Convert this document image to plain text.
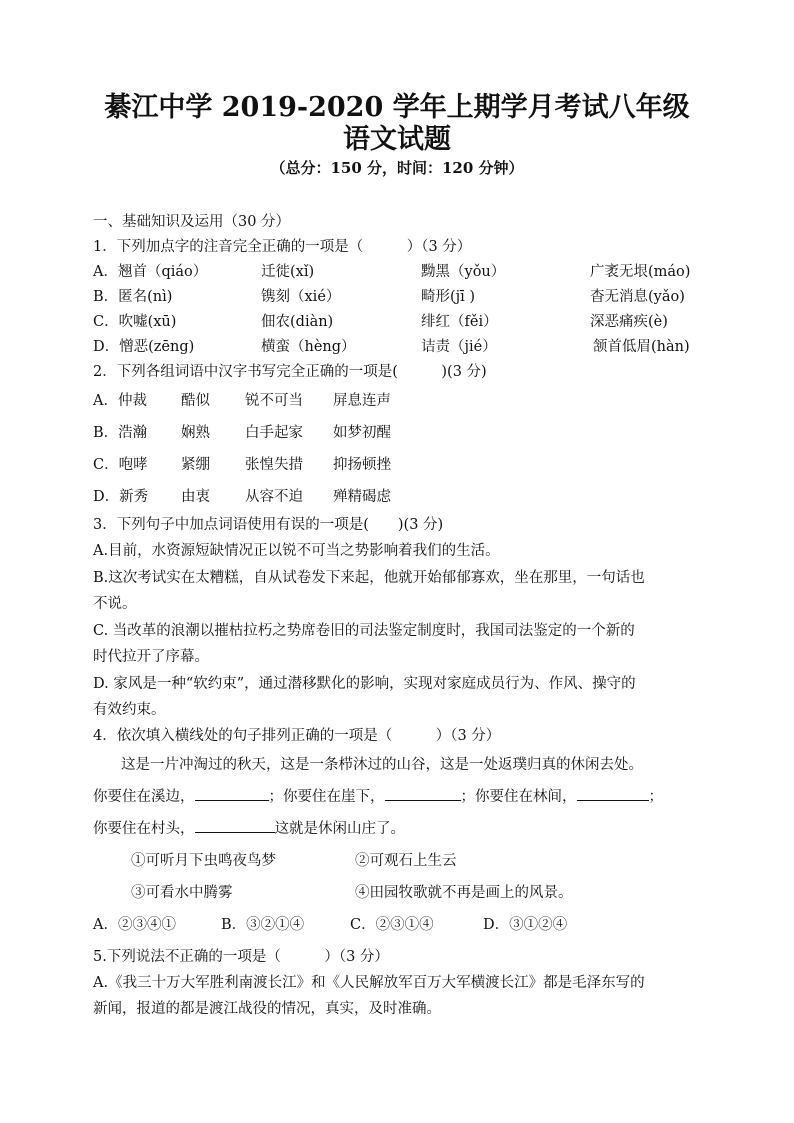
綦江中学 2019-2020 学年上期学月考试八年级
语文试题
（总分：150 分，时间：120 分钟）
一、基础知识及运用（30 分）
1．下列加点字的注音完全正确的一项是（　　　）（3 分）
A．翘首（qiáo）	迁徙(xǐ)	黝黑（yǒu）	广袤无垠(máo)
B．匿名(nì)	镌刻（xié）	畸形(jī )	杳无消息(yǎo)
C．吹嘘(xū)	佃农(diàn)	绯红（fěi）	深恶痛疾(è)
D．憎恶(zēng)	横蛮（hèng）	诘责（jié）	颔首低眉(hàn)
2．下列各组词语中汉字书写完全正确的一项是(　　　)(3 分)
A．仲裁 酷似 锐不可当 屏息连声
B．浩瀚 娴熟 白手起家 如梦初醒
C．咆哮 紧绷 张惶失措 抑扬顿挫
D．新秀 由衷 从容不迫 殚精碣虑
3．下列句子中加点词语使用有误的一项是(　　)(3 分)
A.目前，水资源短缺情况正以锐不可当之势影响着我们的生活。
B.这次考试实在太糟糕，自从试卷发下来起，他就开始郁郁寡欢，坐在那里，一句话也
不说。
C. 当改革的浪潮以摧枯拉朽之势席卷旧的司法鉴定制度时，我国司法鉴定的一个新的
时代拉开了序幕。
D. 家风是一种“软约束”，通过潜移默化的影响，实现对家庭成员行为、作风、操守的
有效约束。
4．依次填入横线处的句子排列正确的一项是（　　　）（3 分）
这是一片冲淘过的秋天，这是一条栉沐过的山谷，这是一处返璞归真的休闲去处。
你要住在溪边，	；你要住在崖下，	；你要住在林间，	；
你要住在村头，	这就是休闲山庄了。
①可听月下虫鸣夜鸟梦	②可观石上生云
③可看水中腾雾	④田园牧歌就不再是画上的风景。
A．②③④①	B．③②①④	C．②③①④	D．③①②④
5.下列说法不正确的一项是（　　　）（3 分）
A.《我三十万大军胜利南渡长江》和《人民解放军百万大军横渡长江》都是毛泽东写的
新闻，报道的都是渡江战役的情况，真实，及时准确。
